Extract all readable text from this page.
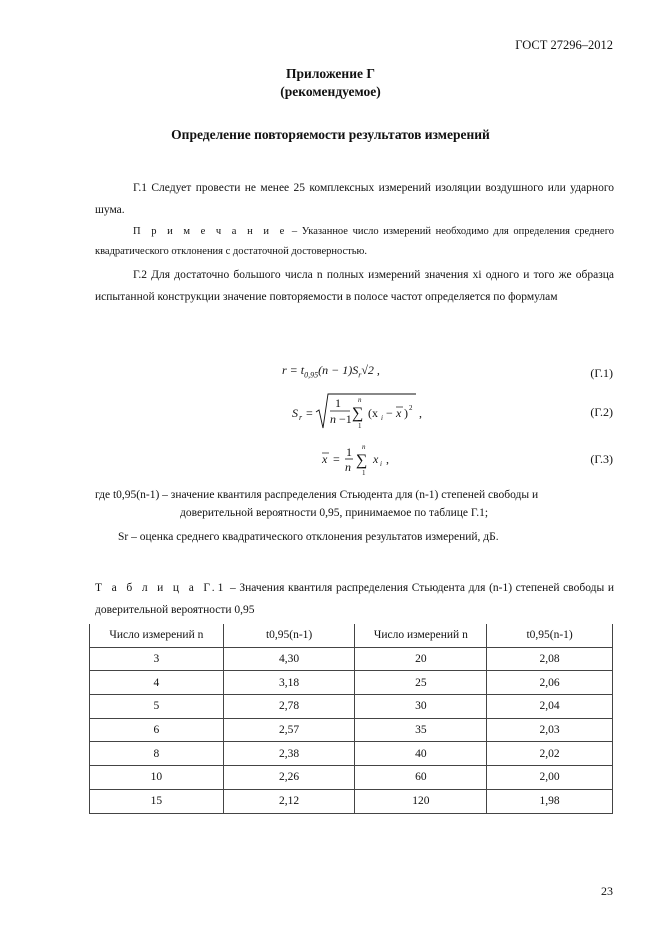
ГОСТ 27296–2012
Приложение Г
(рекомендуемое)
Определение повторяемости результатов измерений
Г.1 Следует провести не менее 25 комплексных измерений изоляции воздушного или ударного шума.
П р и м е ч а н и е – Указанное число измерений необходимо для определения среднего квадратического отклонения с достаточной достоверностью.
Г.2 Для достаточно большого числа n полных измерений значения xi одного и того же образца испытанной конструкции значение повторяемости в полосе частот определяется по формулам
$r = t_{0,95}(n - 1)S_r√2$ ,	(Г.1)
S r =
1
n −1 ∑
n
1
(x i − x ) 2 ,	(Г.2)
x = 1
n ∑
n
1
x i ,	(Г.3)
где t0,95(n-1) – значение квантиля распределения Стьюдента для (n-1) степеней свободы и
доверительной вероятности 0,95, принимаемое по таблице Г.1;
Sr – оценка среднего квадратического отклонения результатов измерений, дБ.
Т а б л и ц а Г.1 – Значения квантиля распределения Стьюдента для (n-1) степеней свободы и доверительной вероятности 0,95
Число измерений n	t0,95(n-1)	Число измерений n	t0,95(n-1)
3	4,30	20	2,08
4	3,18	25	2,06
5	2,78	30	2,04
6	2,57	35	2,03
8	2,38	40	2,02
10	2,26	60	2,00
15	2,12	120	1,98
23
